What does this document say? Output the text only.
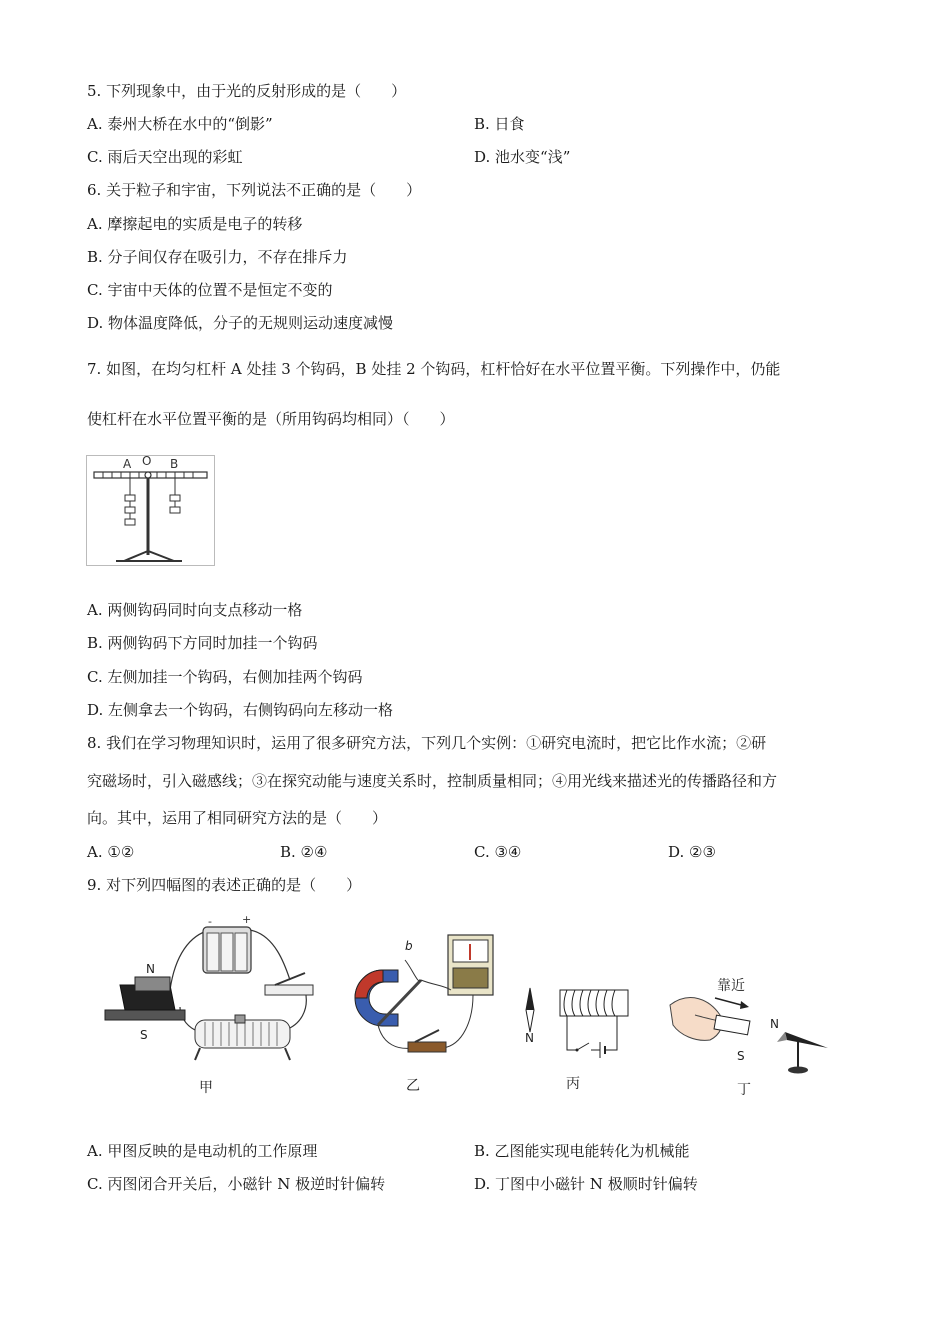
5. 下列现象中，由于光的反射形成的是（　　）
A. 泰州大桥在水中的“倒影”	B. 日食
C. 雨后天空出现的彩虹	D. 池水变“浅”
6. 关于粒子和宇宙，下列说法不正确的是（　　）
A. 摩擦起电的实质是电子的转移
B. 分子间仅存在吸引力，不存在排斥力
C. 宇宙中天体的位置不是恒定不变的
D. 物体温度降低，分子的无规则运动速度减慢
7. 如图，在均匀杠杆 A 处挂 3 个钩码，B 处挂 2 个钩码，杠杆恰好在水平位置平衡。下列操作中，仍能
使杠杆在水平位置平衡的是（所用钩码均相同）（　　）
A O B
A. 两侧钩码同时向支点移动一格
B. 两侧钩码下方同时加挂一个钩码
C. 左侧加挂一个钩码，右侧加挂两个钩码
D. 左侧拿去一个钩码，右侧钩码向左移动一格
8. 我们在学习物理知识时，运用了很多研究方法，下列几个实例：①研究电流时，把它比作水流；②研
究磁场时，引入磁感线；③在探究动能与速度关系时，控制质量相同；④用光线来描述光的传播路径和方
向。其中，运用了相同研究方法的是（　　）
A. ①②	B. ②④	C. ③④	D. ②③
9. 对下列四幅图的表述正确的是（　　）
-	+
N
S
甲
b
乙
N
丙
靠近
S
N
丁
A. 甲图反映的是电动机的工作原理	B. 乙图能实现电能转化为机械能
C. 丙图闭合开关后，小磁针 N 极逆时针偏转	D. 丁图中小磁针 N 极顺时针偏转
